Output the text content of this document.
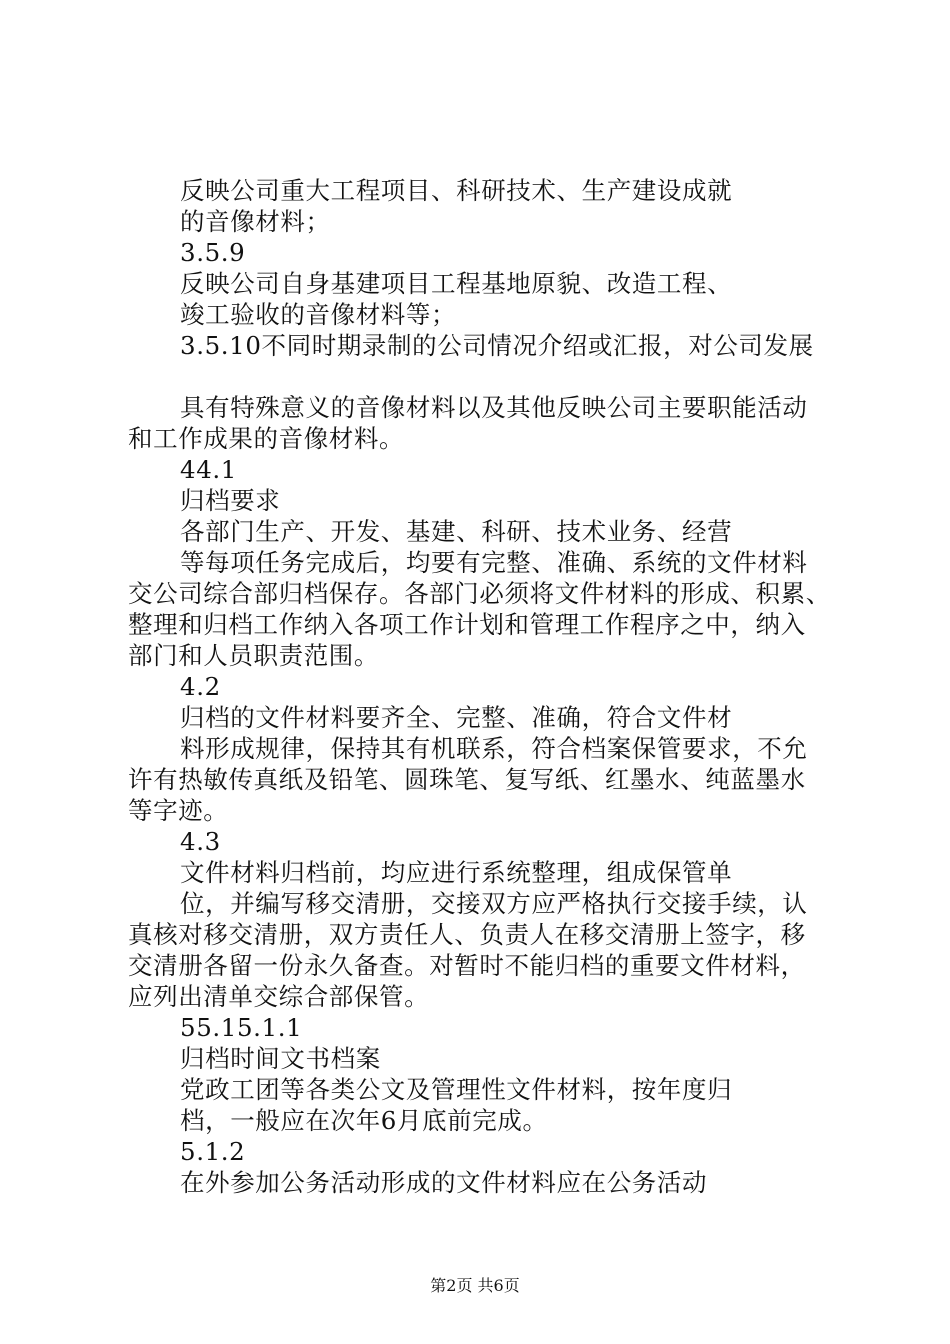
反映公司重大工程项目、科研技术、生产建设成就
的音像材料；
3.5.9
反映公司自身基建项目工程基地原貌、改造工程、
竣工验收的音像材料等；
3.5.10不同时期录制的公司情况介绍或汇报，对公司发展
具有特殊意义的音像材料以及其他反映公司主要职能活动
和工作成果的音像材料。
44.1
归档要求
各部门生产、开发、基建、科研、技术业务、经营
等每项任务完成后，均要有完整、准确、系统的文件材料
交公司综合部归档保存。各部门必须将文件材料的形成、积累、
整理和归档工作纳入各项工作计划和管理工作程序之中，纳入
部门和人员职责范围。
4.2
归档的文件材料要齐全、完整、准确，符合文件材
料形成规律，保持其有机联系，符合档案保管要求，不允
许有热敏传真纸及铅笔、圆珠笔、复写纸、红墨水、纯蓝墨水
等字迹。
4.3
文件材料归档前，均应进行系统整理，组成保管单
位，并编写移交清册，交接双方应严格执行交接手续，认
真核对移交清册，双方责任人、负责人在移交清册上签字，移
交清册各留一份永久备查。对暂时不能归档的重要文件材料，
应列出清单交综合部保管。
55.15.1.1
归档时间文书档案
党政工团等各类公文及管理性文件材料，按年度归
档，一般应在次年6月底前完成。
5.1.2
在外参加公务活动形成的文件材料应在公务活动
第2页 共6页
